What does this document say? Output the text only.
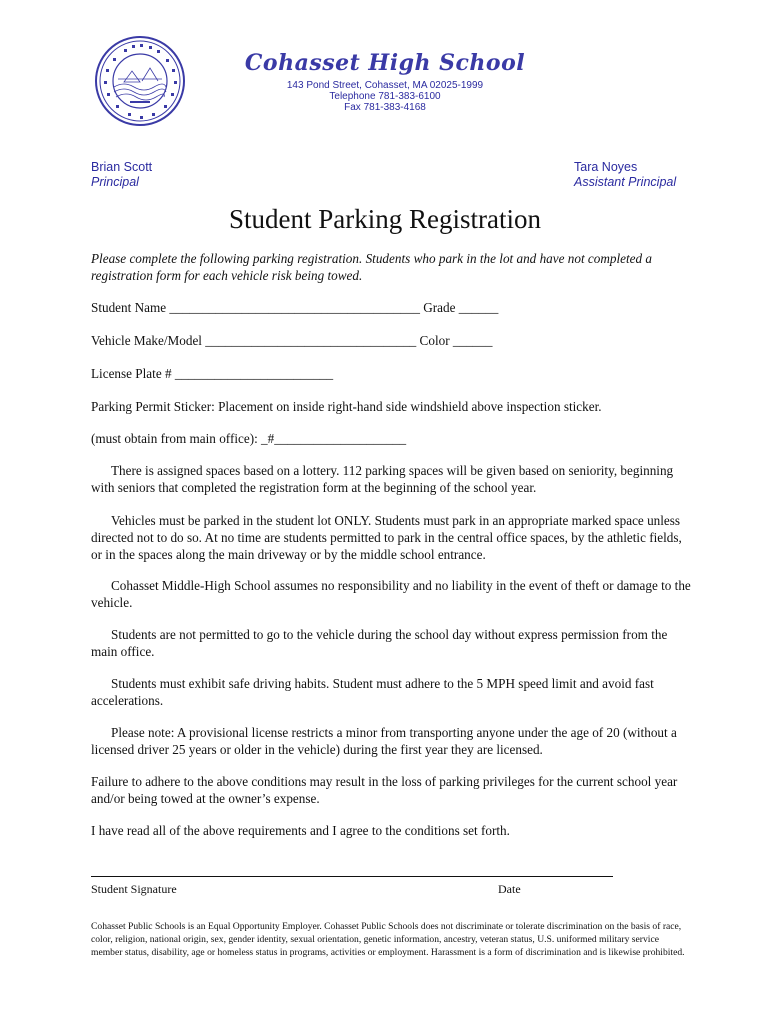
Cohasset High School
143 Pond Street, Cohasset, MA 02025-1999
Telephone 781-383-6100
Fax 781-383-4168
Brian Scott
Principal
Tara Noyes
Assistant Principal
Student Parking Registration
Please complete the following parking registration. Students who park in the lot and have not completed a registration form for each vehicle risk being towed.
Student Name ______________________________________ Grade ______
Vehicle Make/Model ________________________________ Color ______
License Plate # ________________________
Parking Permit Sticker: Placement on inside right-hand side windshield above inspection sticker.
(must obtain from main office): _#____________________
There is assigned spaces based on a lottery. 112 parking spaces will be given based on seniority, beginning with seniors that completed the registration form at the beginning of the school year.
Vehicles must be parked in the student lot ONLY. Students must park in an appropriate marked space unless directed not to do so. At no time are students permitted to park in the central office spaces, by the athletic fields, or in the spaces along the main driveway or by the middle school entrance.
Cohasset Middle-High School assumes no responsibility and no liability in the event of theft or damage to the vehicle.
Students are not permitted to go to the vehicle during the school day without express permission from the main office.
Students must exhibit safe driving habits. Student must adhere to the 5 MPH speed limit and avoid fast accelerations.
Please note: A provisional license restricts a minor from transporting anyone under the age of 20 (without a licensed driver 25 years or older in the vehicle) during the first year they are licensed.
Failure to adhere to the above conditions may result in the loss of parking privileges for the current school year and/or being towed at the owner’s expense.
I have read all of the above requirements and I agree to the conditions set forth.
Student Signature	Date
Cohasset Public Schools is an Equal Opportunity Employer. Cohasset Public Schools does not discriminate or tolerate discrimination on the basis of race, color, religion, national origin, sex, gender identity, sexual orientation, genetic information, ancestry, veteran status, U.S. uniformed military service member status, disability, age or homeless status in programs, activities or employment. Harassment is a form of discrimination and is likewise prohibited.
